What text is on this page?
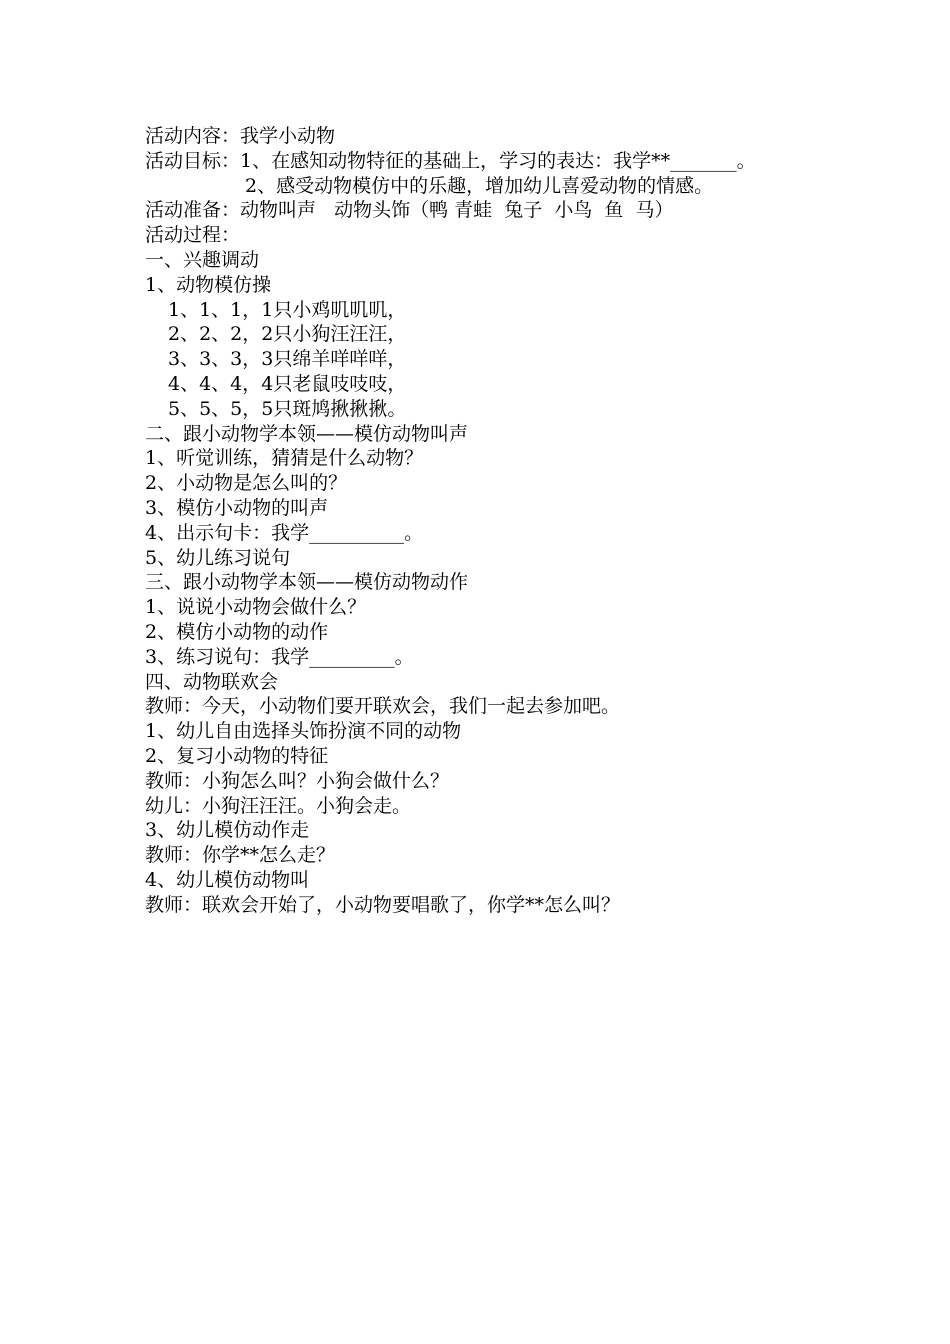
活动内容：我学小动物
活动目标：1、在感知动物特征的基础上，学习的表达：我学**_______。
2、感受动物模仿中的乐趣，增加幼儿喜爱动物的情感。
活动准备：动物叫声   动物头饰（鸭 青蛙  兔子  小鸟  鱼  马）
活动过程：
一、兴趣调动
1、动物模仿操
1、1、1，1只小鸡叽叽叽，
2、2、2，2只小狗汪汪汪，
3、3、3，3只绵羊咩咩咩，
4、4、4，4只老鼠吱吱吱，
5、5、5，5只斑鸠揪揪揪。
二、跟小动物学本领——模仿动物叫声
1、听觉训练，猜猜是什么动物？
2、小动物是怎么叫的？
3、模仿小动物的叫声
4、出示句卡：我学__________。
5、幼儿练习说句
三、跟小动物学本领——模仿动物动作
1、说说小动物会做什么？
2、模仿小动物的动作
3、练习说句：我学_________。
四、动物联欢会
教师：今天，小动物们要开联欢会，我们一起去参加吧。
1、幼儿自由选择头饰扮演不同的动物
2、复习小动物的特征
教师：小狗怎么叫？小狗会做什么？
幼儿：小狗汪汪汪。小狗会走。
3、幼儿模仿动作走
教师：你学**怎么走？
4、幼儿模仿动物叫
教师：联欢会开始了，小动物要唱歌了，你学**怎么叫？
